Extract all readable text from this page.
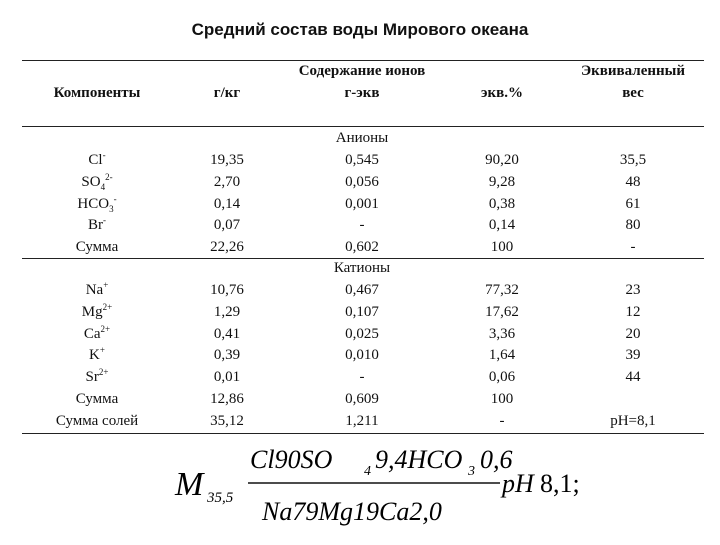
Средний состав воды Мирового океана
Компоненты
Содержание ионов
г/кг	г-экв	экв.%
Эквиваленный
вес
Анионы
Катионы
Cl-	19,35	0,545	90,20	35,5
$SO_4^{2-}$	2,70	0,056	9,28	48
$HCO_3^-$	0,14	0,001	0,38	61
Br-	0,07	-	0,14	80
Сумма	22,26	0,602	100	-
Na+	10,76	0,467	77,32	23
$Mg^{2+}$	1,29	0,107	17,62	12
$Ca^{2+}$	0,41	0,025	3,36	20
K+	0,39	0,010	1,64	39
$Sr^{2+}$	0,01	-	0,06	44
Сумма	12,86	0,609	100
Сумма солей	35,12	1,211	-	pH=8,1
M 35,5
Cl90SO 4 9,4HCO 3 0,6
Na79Mg19Ca2,0
pH 8,1;
